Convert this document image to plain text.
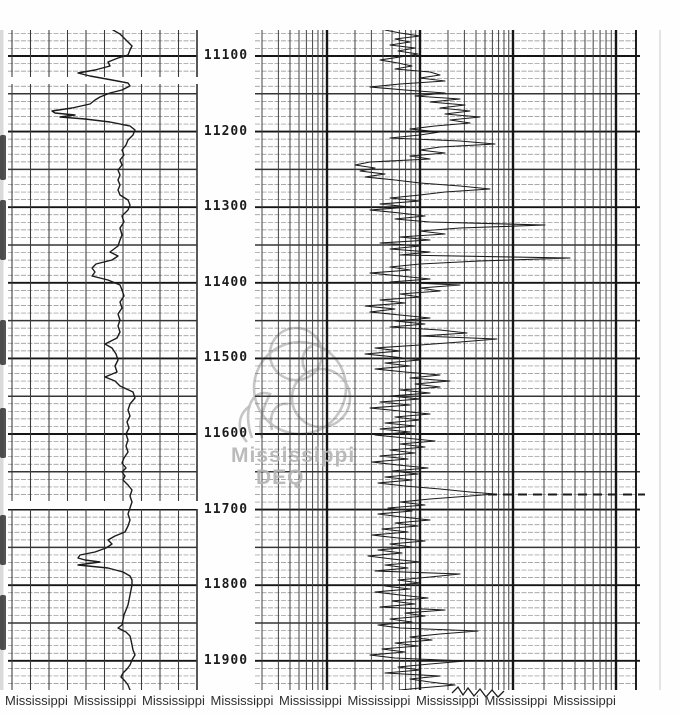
11100
11200
11300
11400
11500
11600
11700
11800
11900
Mississippi
DEQ
Mississippi Mississippi Mississippi Mississippi Mississippi Mississippi Mississippi Mississippi Mississippi
